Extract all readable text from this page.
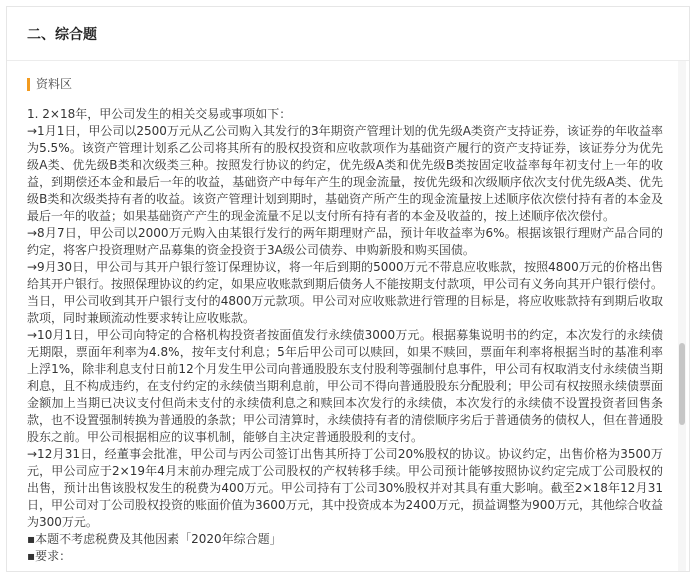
二、综合题
资料区

1. 2×18年，甲公司发生的相关交易或事项如下：

→1月1日，甲公司以2500万元从乙公司购入其发行的3年期资产管理计划的优先级A类资产支持证券，该证券的年收益率为5.5%。该资产管理计划系乙公司将其所有的股权投资和应收款项作为基础资产履行的资产支持证券，该证券分为优先级A类、优先级B类和次级类三种。按照发行协议的约定，优先级A类和优先级B类按固定收益率每年初支付上一年的收益，到期偿还本金和最后一年的收益，基础资产中每年产生的现金流量，按优先级和次级顺序依次支付优先级A类、优先级B类和次级类持有者的收益。该资产管理计划到期时，基础资产所产生的现金流量按上述顺序依次偿付持有者的本金及最后一年的收益；如果基础资产产生的现金流量不足以支付所有持有者的本金及收益的，按上述顺序依次偿付。

→8月7日，甲公司以2000万元购入由某银行发行的两年期理财产品，预计年收益率为6%。根据该银行理财产品合同的约定，将客户投资理财产品募集的资金投资于3A级公司债券、申购新股和购买国债。

→9月30日，甲公司与其开户银行签订保理协议，将一年后到期的5000万元不带息应收账款，按照4800万元的价格出售给其开户银行。按照保理协议的约定，如果应收账款到期后债务人不能按期支付款项，甲公司有义务向其开户银行偿付。当日，甲公司收到其开户银行支付的4800万元款项。甲公司对应收账款进行管理的目标是，将应收账款持有到期后收取款项，同时兼顾流动性要求转让应收账款。

→10月1日，甲公司向特定的合格机构投资者按面值发行永续债3000万元。根据募集说明书的约定，本次发行的永续债无期限，票面年利率为4.8%，按年支付利息；5年后甲公司可以赎回，如果不赎回，票面年利率将根据当时的基准利率上浮1%，除非利息支付日前12个月发生甲公司向普通股股东支付股利等强制付息事件，甲公司有权取消支付永续债当期利息，且不构成违约，在支付约定的永续债当期利息前，甲公司不得向普通股股东分配股利；甲公司有权按照永续债票面金额加上当期已决议支付但尚未支付的永续债利息之和赎回本次发行的永续债，本次发行的永续债不设置投资者回售条款，也不设置强制转换为普通股的条款；甲公司清算时，永续债持有者的清偿顺序劣后于普通债务的债权人，但在普通股股东之前。甲公司根据相应的议事机制，能够自主决定普通股股利的支付。

→12月31日，经董事会批准，甲公司与丙公司签订出售其所持丁公司20%股权的协议。协议约定，出售价格为3500万元，甲公司应于2×19年4月末前办理完成丁公司股权的产权转移手续。甲公司预计能够按照协议约定完成丁公司股权的出售，预计出售该股权发生的税费为400万元。甲公司持有丁公司30%股权并对其具有重大影响。截至2×18年12月31日，甲公司对丁公司股权投资的账面价值为3600万元，其中投资成本为2400万元，损益调整为900万元，其他综合收益为300万元。

▪本题不考虑税费及其他因素「2020年综合题」

▪要求：
